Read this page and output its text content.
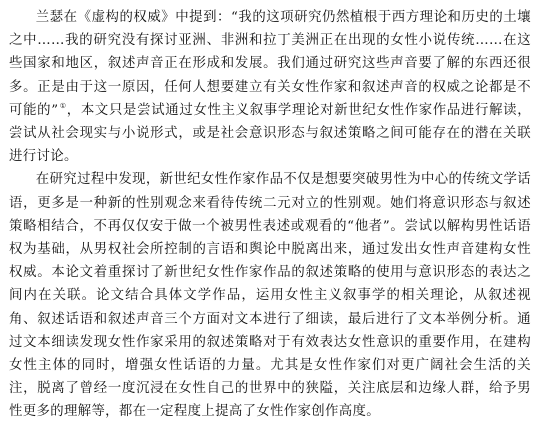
兰瑟在《虚构的权威》中提到：“我的这项研究仍然植根于西方理论和历史的土壤之中……我的研究没有探讨亚洲、非洲和拉丁美洲正在出现的女性小说传统……在这些国家和地区，叙述声音正在形成和发展。我们通过研究这些声音要了解的东西还很多。正是由于这一原因，任何人想要建立有关女性作家和叙述声音的权威之论都是不可能的”①，本文只是尝试通过女性主义叙事学理论对新世纪女性作家作品进行解读，尝试从社会现实与小说形式，或是社会意识形态与叙述策略之间可能存在的潜在关联进行讨论。

在研究过程中发现，新世纪女性作家作品不仅是想要突破男性为中心的传统文学话语，更多是一种新的性别观念来看待传统二元对立的性别观。她们将意识形态与叙述策略相结合，不再仅仅安于做一个被男性表述或观看的“他者”。尝试以解构男性话语权为基础，从男权社会所控制的言语和舆论中脱离出来，通过发出女性声音建构女性权威。本论文着重探讨了新世纪女性作家作品的叙述策略的使用与意识形态的表达之间内在关联。论文结合具体文学作品，运用女性主义叙事学的相关理论，从叙述视角、叙述话语和叙述声音三个方面对文本进行了细读，最后进行了文本举例分析。通过文本细读发现女性作家采用的叙述策略对于有效表达女性意识的重要作用，在建构女性主体的同时，增强女性话语的力量。尤其是女性作家们对更广阔社会生活的关注，脱离了曾经一度沉浸在女性自己的世界中的狭隘，关注底层和边缘人群，给予男性更多的理解等，都在一定程度上提高了女性作家创作高度。
